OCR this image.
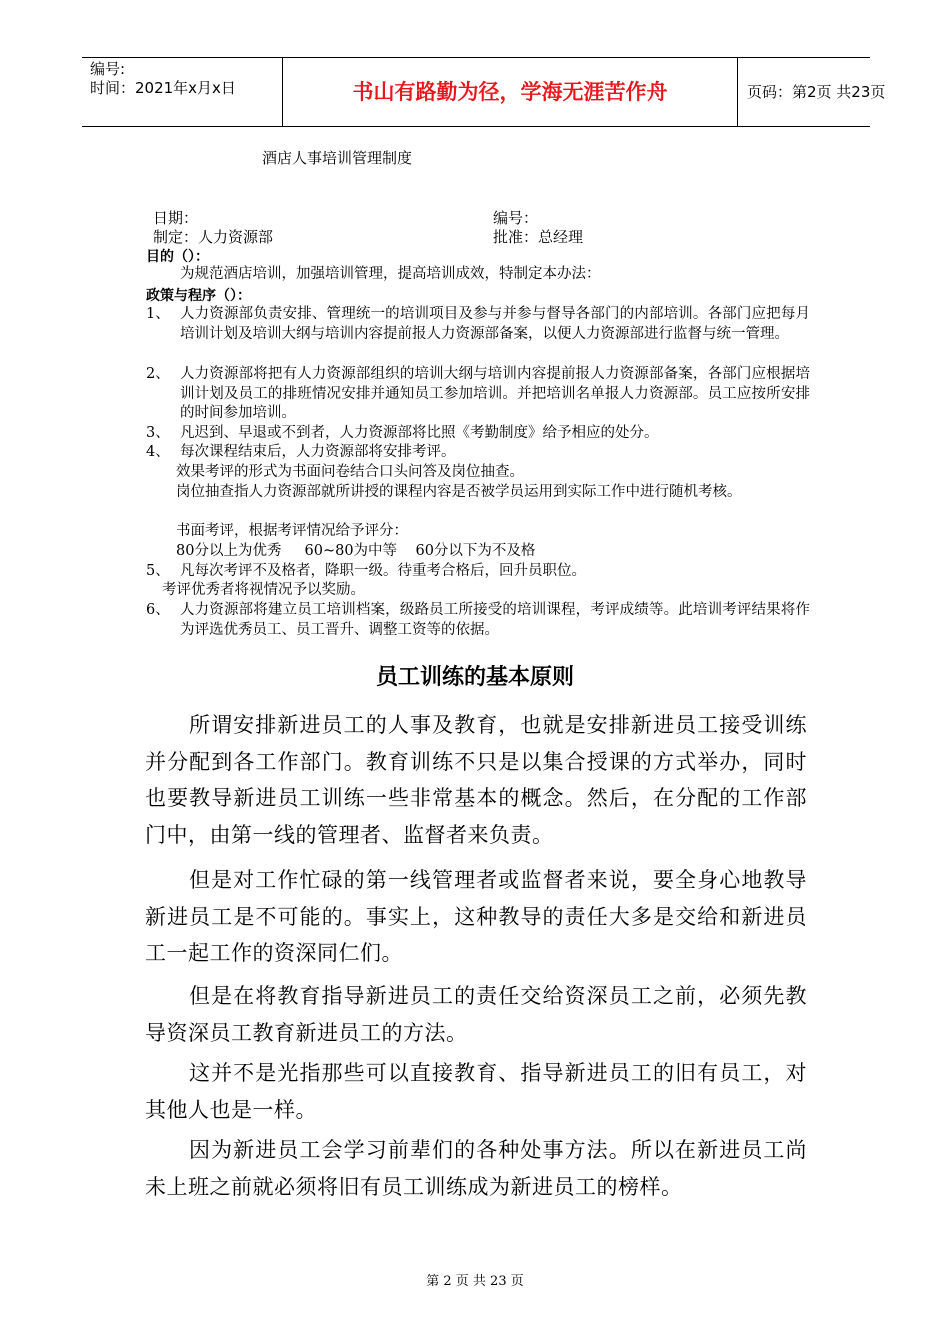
编号:
时间：2021年x月x日	书山有路勤为径，学海无涯苦作舟	页码：第2页 共23页
酒店人事培训管理制度
日期：	编号：
制定：人力资源部	批准：总经理
目的（）：
为规范酒店培训，加强培训管理，提高培训成效，特制定本办法：
政策与程序（）：
1、 人力资源部负责安排、管理统一的培训项目及参与并参与督导各部门的内部培训。各部门应把每月培训计划及培训大纲与培训内容提前报人力资源部备案，以便人力资源部进行监督与统一管理。
2、 人力资源部将把有人力资源部组织的培训大纲与培训内容提前报人力资源部备案，各部门应根据培训计划及员工的排班情况安排并通知员工参加培训。并把培训名单报人力资源部。员工应按所安排的时间参加培训。
3、 凡迟到、早退或不到者，人力资源部将比照《考勤制度》给予相应的处分。
4、 每次课程结束后，人力资源部将安排考评。
效果考评的形式为书面问卷结合口头问答及岗位抽查。
岗位抽查指人力资源部就所讲授的课程内容是否被学员运用到实际工作中进行随机考核。
书面考评，根据考评情况给予评分：
80分以上为优秀     60~80为中等    60分以下为不及格
5、 凡每次考评不及格者，降职一级。待重考合格后，回升员职位。
考评优秀者将视情况予以奖励。
6、 人力资源部将建立员工培训档案，级路员工所接受的培训课程，考评成绩等。此培训考评结果将作为评选优秀员工、员工晋升、调整工资等的依据。
员工训练的基本原则
所谓安排新进员工的人事及教育，也就是安排新进员工接受训练并分配到各工作部门。教育训练不只是以集合授课的方式举办，同时也要教导新进员工训练一些非常基本的概念。然后，在分配的工作部门中，由第一线的管理者、监督者来负责。
但是对工作忙碌的第一线管理者或监督者来说，要全身心地教导新进员工是不可能的。事实上，这种教导的责任大多是交给和新进员工一起工作的资深同仁们。
但是在将教育指导新进员工的责任交给资深员工之前，必须先教导资深员工教育新进员工的方法。
这并不是光指那些可以直接教育、指导新进员工的旧有员工，对其他人也是一样。
因为新进员工会学习前辈们的各种处事方法。所以在新进员工尚未上班之前就必须将旧有员工训练成为新进员工的榜样。
第 2 页 共 23 页
